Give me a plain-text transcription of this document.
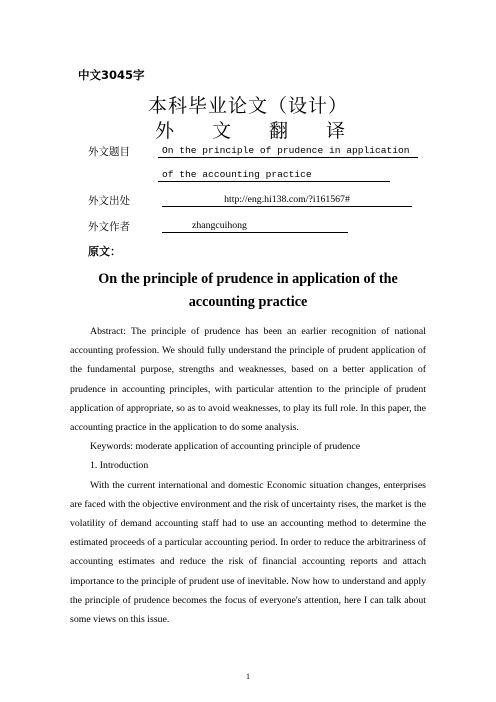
中文3045字
本科毕业论文（设计）
外 文 翻 译
外文题目	On the principle of prudence in application
of the accounting practice
外文出处	http://eng.hi138.com/?i161567#
外文作者	zhangcuihong
原文：
On the principle of prudence in application of the accounting practice

Abstract: The principle of prudence has been an earlier recognition of national accounting profession. We should fully understand the principle of prudent application of the fundamental purpose, strengths and weaknesses, based on a better application of prudence in accounting principles, with particular attention to the principle of prudent application of appropriate, so as to avoid weaknesses, to play its full role. In this paper, the accounting practice in the application to do some analysis.

Keywords: moderate application of accounting principle of prudence

1. Introduction

With the current international and domestic Economic situation changes, enterprises are faced with the objective environment and the risk of uncertainty rises, the market is the volatility of demand accounting staff had to use an accounting method to determine the estimated proceeds of a particular accounting period. In order to reduce the arbitrariness of accounting estimates and reduce the risk of financial accounting reports and attach importance to the principle of prudent use of inevitable. Now how to understand and apply the principle of prudence becomes the focus of everyone's attention, here I can talk about some views on this issue.

1
